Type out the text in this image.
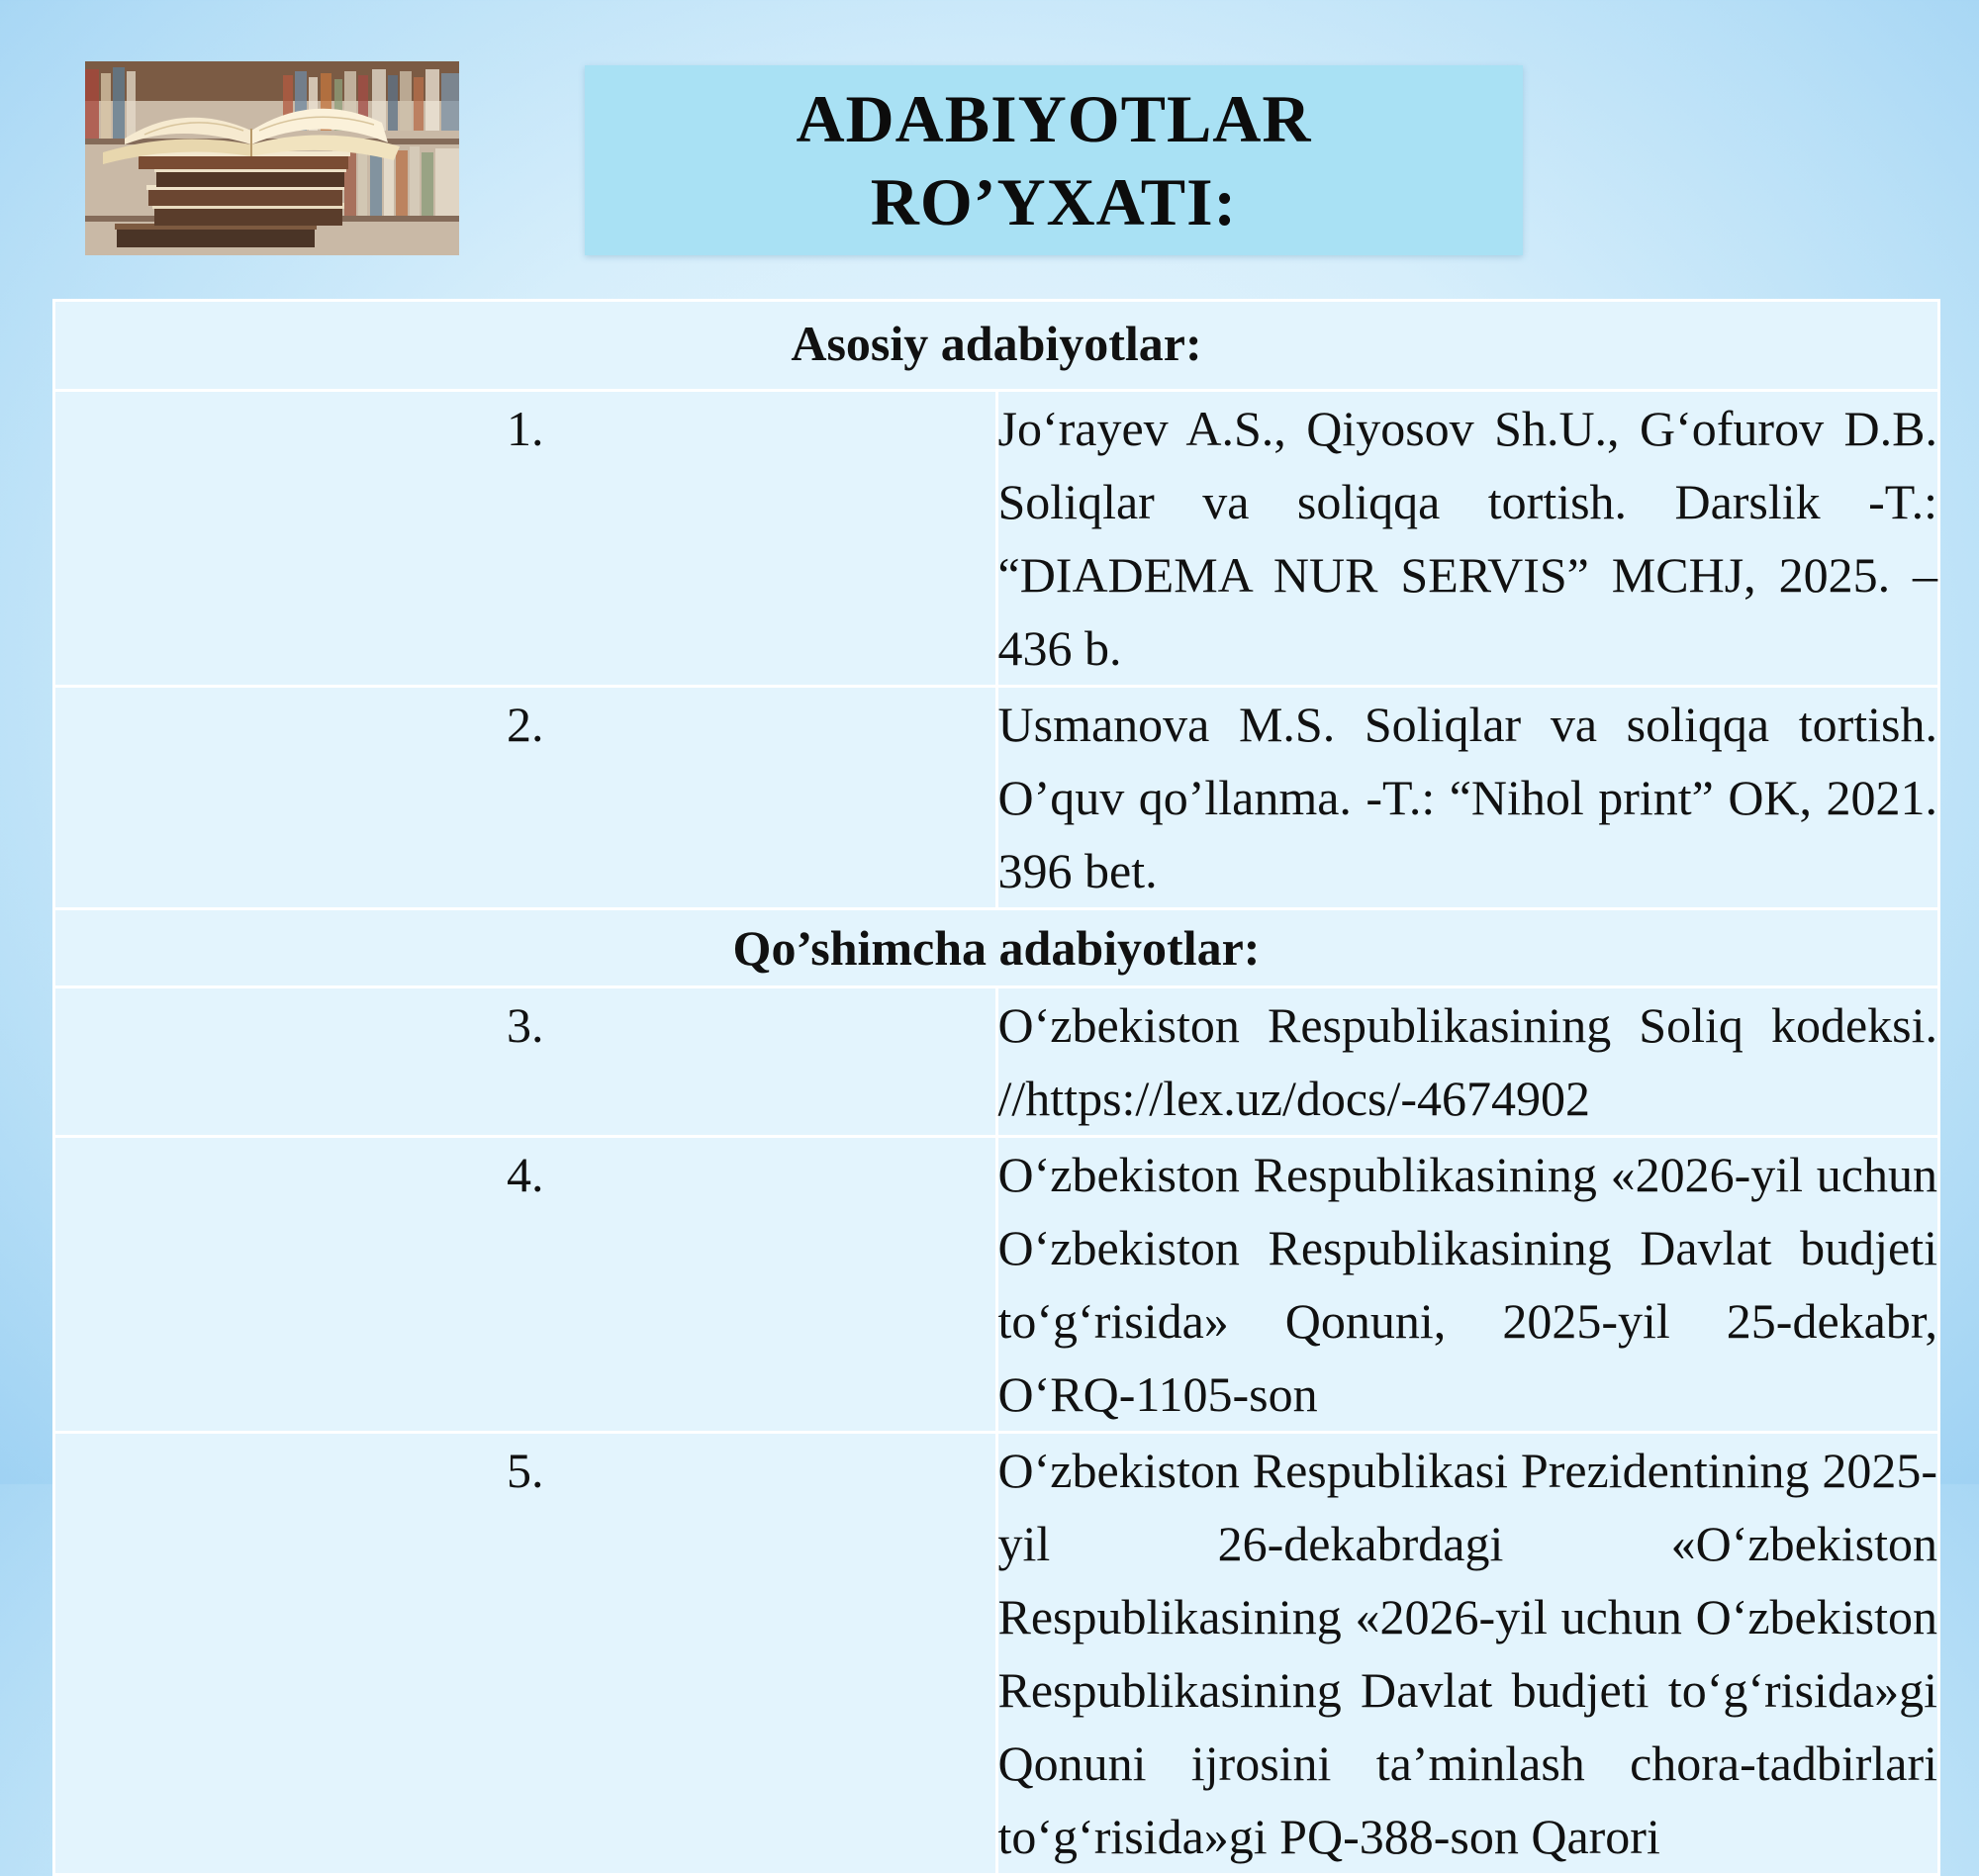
ADABIYOTLAR
RO’YXATI:
Asosiy adabiyotlar:	
1.	Jo‘rayev A.S., Qiyosov Sh.U., G‘ofurov D.B. Soliqlar va soliqqa tortish. Darslik -T.: “DIADEMA NUR SERVIS” MCHJ, 2025. – 436 b.
2.	Usmanova M.S. Soliqlar va soliqqa tortish. O’quv qo’llanma. -T.: “Nihol print” OK, 2021. 396 bet.
Qo’shimcha adabiyotlar:	
3.	O‘zbekiston Respublikasining Soliq kodeksi. //https://lex.uz/docs/-4674902
4.	O‘zbekiston Respublikasining «2026-yil uchun O‘zbekiston Respublikasining Davlat budjeti to‘g‘risida» Qonuni, 2025-yil 25-dekabr, O‘RQ-1105-son
5.	O‘zbekiston Respublikasi Prezidentining 2025-yil 26-dekabrdagi «O‘zbekiston Respublikasining «2026-yil uchun O‘zbekiston Respublikasining Davlat budjeti to‘g‘risida»gi Qonuni ijrosini ta’minlash chora-tadbirlari to‘g‘risida»gi PQ-388-son Qarori
